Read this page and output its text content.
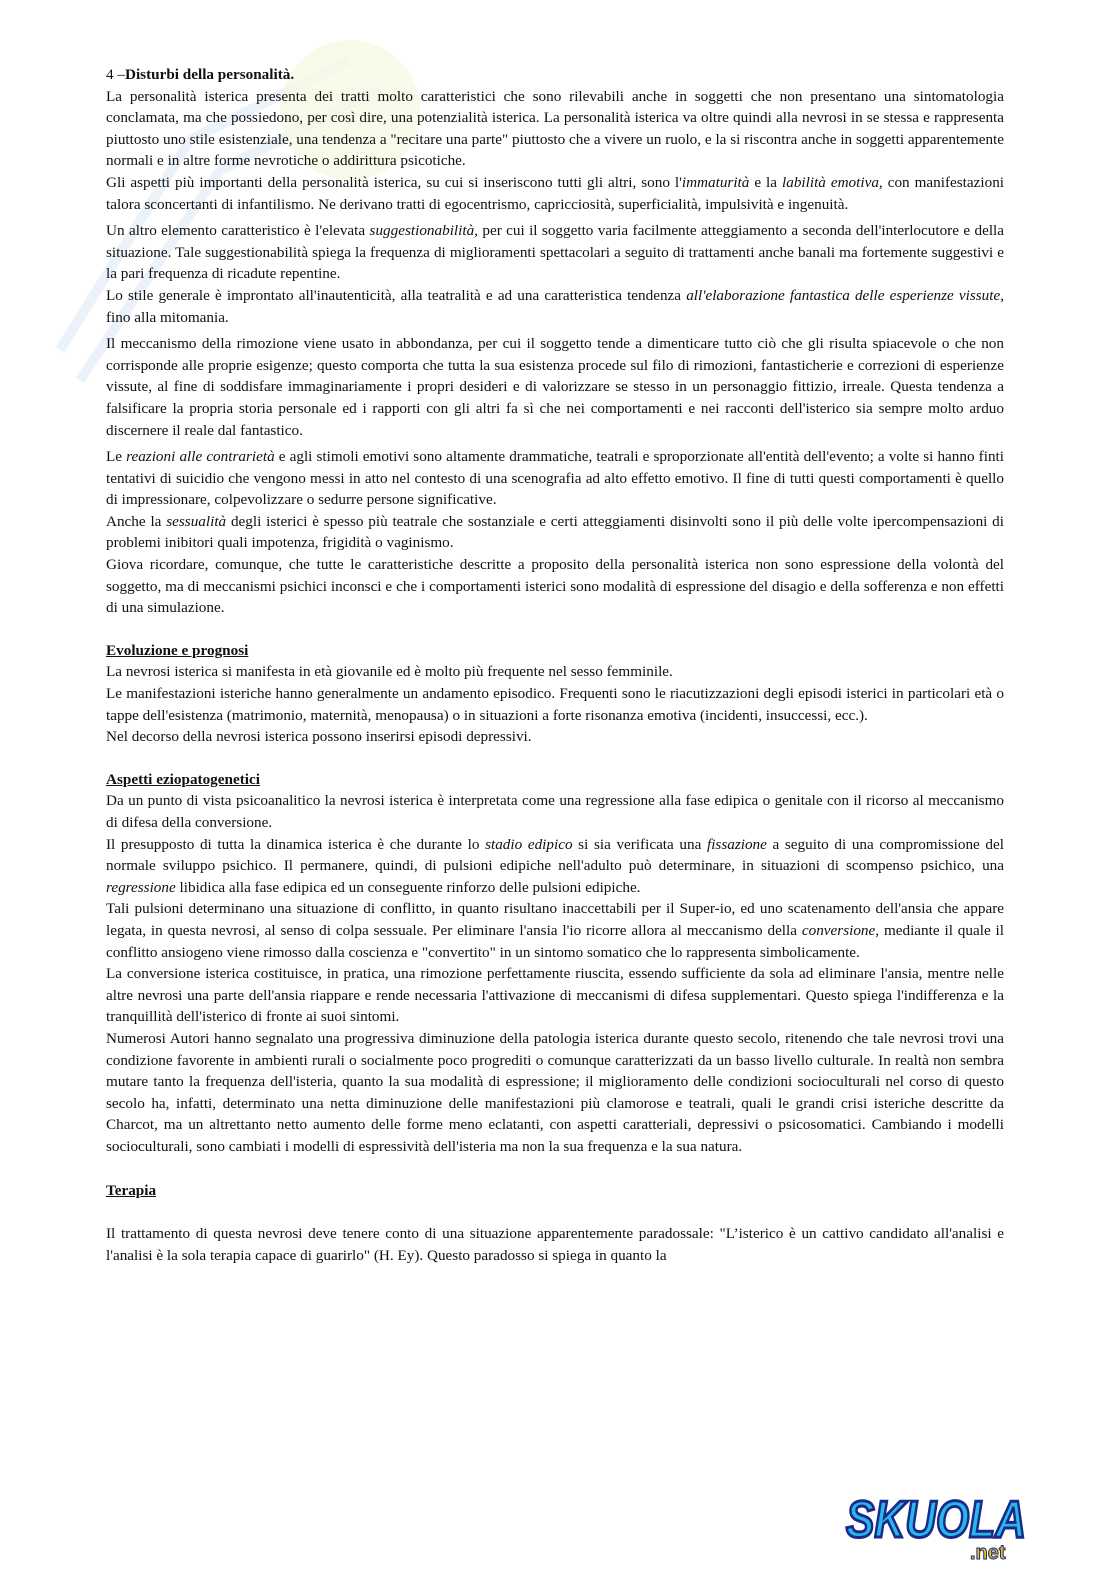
4 –Disturbi della personalità.

La personalità isterica presenta dei tratti molto caratteristici che sono rilevabili anche in soggetti che non presentano una sintomatologia conclamata, ma che possiedono, per così dire, una potenzialità isterica. La personalità isterica va oltre quindi alla nevrosi in se stessa e rappresenta piuttosto uno stile esistenziale, una tendenza a "recitare una parte" piuttosto che a vivere un ruolo, e la si riscontra anche in soggetti apparentemente normali e in altre forme nevrotiche o addirittura psicotiche.

Gli aspetti più importanti della personalità isterica, su cui si inseriscono tutti gli altri, sono l'immaturità e la labilità emotiva, con manifestazioni talora sconcertanti di infantilismo. Ne derivano tratti di egocentrismo, capricciosità, superficialità, impulsività e ingenuità.

Un altro elemento caratteristico è l'elevata suggestionabilità, per cui il soggetto varia facilmente atteggiamento a seconda dell'interlocutore e della situazione. Tale suggestionabilità spiega la frequenza di miglioramenti spettacolari a seguito di trattamenti anche banali ma fortemente suggestivi e la pari frequenza di ricadute repentine.

Lo stile generale è improntato all'inautenticità, alla teatralità e ad una caratteristica tendenza all'elaborazione fantastica delle esperienze vissute, fino alla mitomania.

Il meccanismo della rimozione viene usato in abbondanza, per cui il soggetto tende a dimenticare tutto ciò che gli risulta spiacevole o che non corrisponde alle proprie esigenze; questo comporta che tutta la sua esistenza procede sul filo di rimozioni, fantasticherie e correzioni di esperienze vissute, al fine di soddisfare immaginariamente i propri desideri e di valorizzare se stesso in un personaggio fittizio, irreale. Questa tendenza a falsificare la propria storia personale ed i rapporti con gli altri fa sì che nei comportamenti e nei racconti dell'isterico sia sempre molto arduo discernere il reale dal fantastico.

Le reazioni alle contrarietà e agli stimoli emotivi sono altamente drammatiche, teatrali e sproporzionate all'entità dell'evento; a volte si hanno finti tentativi di suicidio che vengono messi in atto nel contesto di una scenografia ad alto effetto emotivo. Il fine di tutti questi comportamenti è quello di impressionare, colpevolizzare o sedurre persone significative.

Anche la sessualità degli isterici è spesso più teatrale che sostanziale e certi atteggiamenti disinvolti sono il più delle volte ipercompensazioni di problemi inibitori quali impotenza, frigidità o vaginismo.

Giova ricordare, comunque, che tutte le caratteristiche descritte a proposito della personalità isterica non sono espressione della volontà del soggetto, ma di meccanismi psichici inconsci e che i comportamenti isterici sono modalità di espressione del disagio e della sofferenza e non effetti di una simulazione.

Evoluzione e prognosi

La nevrosi isterica si manifesta in età giovanile ed è molto più frequente nel sesso femminile.

Le manifestazioni isteriche hanno generalmente un andamento episodico. Frequenti sono le riacutizzazioni degli episodi isterici in particolari età o tappe dell'esistenza (matrimonio, maternità, menopausa) o in situazioni a forte risonanza emotiva (incidenti, insuccessi, ecc.).

Nel decorso della nevrosi isterica possono inserirsi episodi depressivi.

Aspetti eziopatogenetici

Da un punto di vista psicoanalitico la nevrosi isterica è interpretata come una regressione alla fase edipica o genitale con il ricorso al meccanismo di difesa della conversione.

Il presupposto di tutta la dinamica isterica è che durante lo stadio edipico si sia verificata una fissazione a seguito di una compromissione del normale sviluppo psichico. Il permanere, quindi, di pulsioni edipiche nell'adulto può determinare, in situazioni di scompenso psichico, una regressione libidica alla fase edipica ed un conseguente rinforzo delle pulsioni edipiche.

Tali pulsioni determinano una situazione di conflitto, in quanto risultano inaccettabili per il Super-io, ed uno scatenamento dell'ansia che appare legata, in questa nevrosi, al senso di colpa sessuale. Per eliminare l'ansia l'io ricorre allora al meccanismo della conversione, mediante il quale il conflitto ansiogeno viene rimosso dalla coscienza e "convertito" in un sintomo somatico che lo rappresenta simbolicamente.

La conversione isterica costituisce, in pratica, una rimozione perfettamente riuscita, essendo sufficiente da sola ad eliminare l'ansia, mentre nelle altre nevrosi una parte dell'ansia riappare e rende necessaria l'attivazione di meccanismi di difesa supplementari. Questo spiega l'indifferenza e la tranquillità dell'isterico di fronte ai suoi sintomi.

Numerosi Autori hanno segnalato una progressiva diminuzione della patologia isterica durante questo secolo, ritenendo che tale nevrosi trovi una condizione favorente in ambienti rurali o socialmente poco progrediti o comunque caratterizzati da un basso livello culturale. In realtà non sembra mutare tanto la frequenza dell'isteria, quanto la sua modalità di espressione; il miglioramento delle condizioni socioculturali nel corso di questo secolo ha, infatti, determinato una netta diminuzione delle manifestazioni più clamorose e teatrali, quali le grandi crisi isteriche descritte da Charcot, ma un altrettanto netto aumento delle forme meno eclatanti, con aspetti caratteriali, depressivi o psicosomatici. Cambiando i modelli socioculturali, sono cambiati i modelli di espressività dell'isteria ma non la sua frequenza e la sua natura.

Terapia

Il trattamento di questa nevrosi deve tenere conto di una situazione apparentemente paradossale: "L’isterico è un cattivo candidato all'analisi e l'analisi è la sola terapia capace di guarirlo" (H. Ey). Questo paradosso si spiega in quanto la

SKUOLA
.net
